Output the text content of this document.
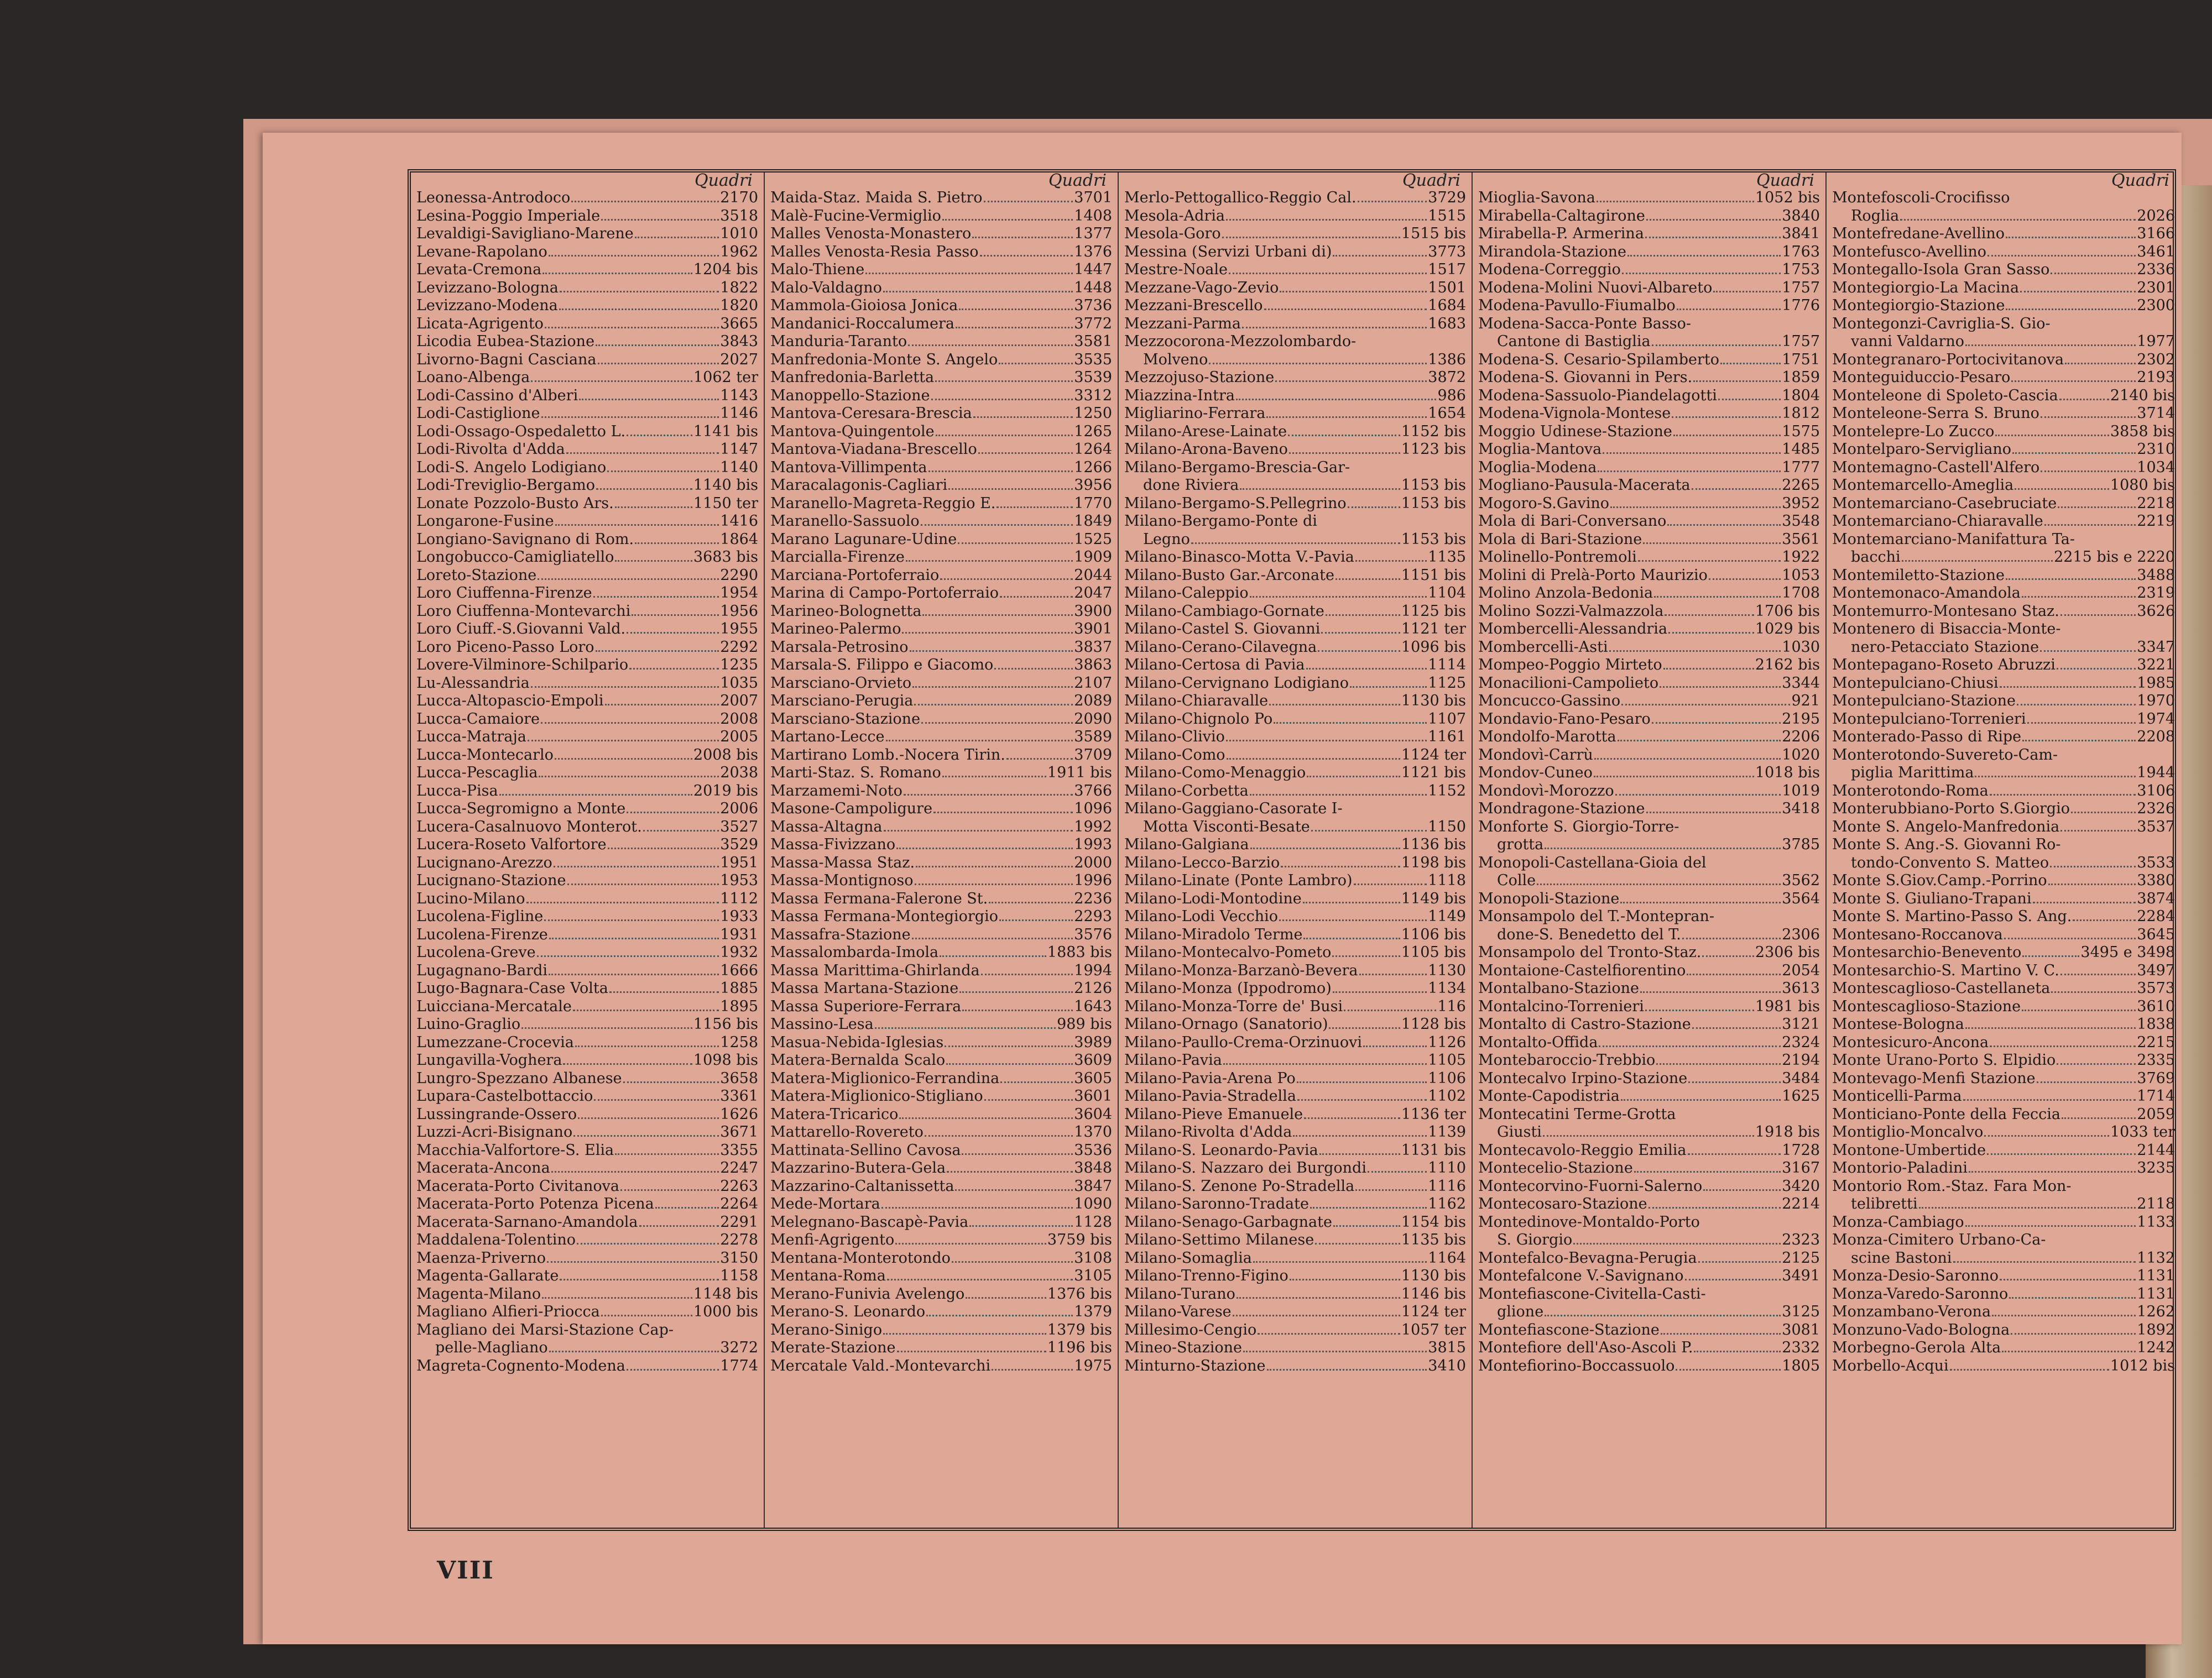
Quadri
Leonessa-Antrodoco	2170
Lesina-Poggio Imperiale	3518
Levaldigi-Savigliano-Marene	1010
Levane-Rapolano	1962
Levata-Cremona	1204 bis
Levizzano-Bologna	1822
Levizzano-Modena	1820
Licata-Agrigento	3665
Licodia Eubea-Stazione	3843
Livorno-Bagni Casciana	2027
Loano-Albenga	1062 ter
Lodi-Cassino d'Alberi	1143
Lodi-Castiglione	1146
Lodi-Ossago-Ospedaletto L.	1141 bis
Lodi-Rivolta d'Adda	1147
Lodi-S. Angelo Lodigiano	1140
Lodi-Treviglio-Bergamo	1140 bis
Lonate Pozzolo-Busto Ars.	1150 ter
Longarone-Fusine	1416
Longiano-Savignano di Rom.	1864
Longobucco-Camigliatello	3683 bis
Loreto-Stazione	2290
Loro Ciuffenna-Firenze	1954
Loro Ciuffenna-Montevarchi	1956
Loro Ciuff.-S.Giovanni Vald.	1955
Loro Piceno-Passo Loro	2292
Lovere-Vilminore-Schilpario	1235
Lu-Alessandria	1035
Lucca-Altopascio-Empoli	2007
Lucca-Camaiore	2008
Lucca-Matraja	2005
Lucca-Montecarlo	2008 bis
Lucca-Pescaglia	2038
Lucca-Pisa	2019 bis
Lucca-Segromigno a Monte	2006
Lucera-Casalnuovo Monterot.	3527
Lucera-Roseto Valfortore	3529
Lucignano-Arezzo	1951
Lucignano-Stazione	1953
Lucino-Milano	1112
Lucolena-Figline	1933
Lucolena-Firenze	1931
Lucolena-Greve	1932
Lugagnano-Bardi	1666
Lugo-Bagnara-Case Volta	1885
Luicciana-Mercatale	1895
Luino-Graglio	1156 bis
Lumezzane-Crocevia	1258
Lungavilla-Voghera	1098 bis
Lungro-Spezzano Albanese	3658
Lupara-Castelbottaccio	3361
Lussingrande-Ossero	1626
Luzzi-Acri-Bisignano	3671
Macchia-Valfortore-S. Elia	3355
Macerata-Ancona	2247
Macerata-Porto Civitanova	2263
Macerata-Porto Potenza Picena	2264
Macerata-Sarnano-Amandola	2291
Maddalena-Tolentino	2278
Maenza-Priverno	3150
Magenta-Gallarate	1158
Magenta-Milano	1148 bis
Magliano Alfieri-Priocca	1000 bis
Magliano dei Marsi-Stazione Cap-
pelle-Magliano	3272
Magreta-Cognento-Modena	1774
Quadri
Maida-Staz. Maida S. Pietro	3701
Malè-Fucine-Vermiglio	1408
Malles Venosta-Monastero	1377
Malles Venosta-Resia Passo	1376
Malo-Thiene	1447
Malo-Valdagno	1448
Mammola-Gioiosa Jonica	3736
Mandanici-Roccalumera	3772
Manduria-Taranto	3581
Manfredonia-Monte S. Angelo	3535
Manfredonia-Barletta	3539
Manoppello-Stazione	3312
Mantova-Ceresara-Brescia	1250
Mantova-Quingentole	1265
Mantova-Viadana-Brescello	1264
Mantova-Villimpenta	1266
Maracalagonis-Cagliari	3956
Maranello-Magreta-Reggio E.	1770
Maranello-Sassuolo	1849
Marano Lagunare-Udine	1525
Marcialla-Firenze	1909
Marciana-Portoferraio	2044
Marina di Campo-Portoferraio	2047
Marineo-Bolognetta	3900
Marineo-Palermo	3901
Marsala-Petrosino	3837
Marsala-S. Filippo e Giacomo	3863
Marsciano-Orvieto	2107
Marsciano-Perugia	2089
Marsciano-Stazione	2090
Martano-Lecce	3589
Martirano Lomb.-Nocera Tirin.	3709
Marti-Staz. S. Romano	1911 bis
Marzamemi-Noto	3766
Masone-Campoligure	1096
Massa-Altagna	1992
Massa-Fivizzano	1993
Massa-Massa Staz.	2000
Massa-Montignoso	1996
Massa Fermana-Falerone St.	2236
Massa Fermana-Montegiorgio	2293
Massafra-Stazione	3576
Massalombarda-Imola	1883 bis
Massa Marittima-Ghirlanda	1994
Massa Martana-Stazione	2126
Massa Superiore-Ferrara	1643
Massino-Lesa	989 bis
Masua-Nebida-Iglesias	3989
Matera-Bernalda Scalo	3609
Matera-Miglionico-Ferrandina	3605
Matera-Miglionico-Stigliano	3601
Matera-Tricarico	3604
Mattarello-Rovereto	1370
Mattinata-Sellino Cavosa	3536
Mazzarino-Butera-Gela	3848
Mazzarino-Caltanissetta	3847
Mede-Mortara	1090
Melegnano-Bascapè-Pavia	1128
Menfi-Agrigento	3759 bis
Mentana-Monterotondo	3108
Mentana-Roma	3105
Merano-Funivia Avelengo	1376 bis
Merano-S. Leonardo	1379
Merano-Sinigo	1379 bis
Merate-Stazione	1196 bis
Mercatale Vald.-Montevarchi	1975
Quadri
Merlo-Pettogallico-Reggio Cal.	3729
Mesola-Adria	1515
Mesola-Goro	1515 bis
Messina (Servizi Urbani di)	3773
Mestre-Noale	1517
Mezzane-Vago-Zevio	1501
Mezzani-Brescello	1684
Mezzani-Parma	1683
Mezzocorona-Mezzolombardo-
Molveno	1386
Mezzojuso-Stazione	3872
Miazzina-Intra	986
Migliarino-Ferrara	1654
Milano-Arese-Lainate	1152 bis
Milano-Arona-Baveno	1123 bis
Milano-Bergamo-Brescia-Gar-
done Riviera	1153 bis
Milano-Bergamo-S.Pellegrino	1153 bis
Milano-Bergamo-Ponte di
Legno	1153 bis
Milano-Binasco-Motta V.-Pavia	1135
Milano-Busto Gar.-Arconate	1151 bis
Milano-Caleppio	1104
Milano-Cambiago-Gornate	1125 bis
Milano-Castel S. Giovanni	1121 ter
Milano-Cerano-Cilavegna	1096 bis
Milano-Certosa di Pavia	1114
Milano-Cervignano Lodigiano	1125
Milano-Chiaravalle	1130 bis
Milano-Chignolo Po	1107
Milano-Clivio	1161
Milano-Como	1124 ter
Milano-Como-Menaggio	1121 bis
Milano-Corbetta	1152
Milano-Gaggiano-Casorate I-
Motta Visconti-Besate	1150
Milano-Galgiana	1136 bis
Milano-Lecco-Barzio	1198 bis
Milano-Linate (Ponte Lambro)	1118
Milano-Lodi-Montodine	1149 bis
Milano-Lodi Vecchio	1149
Milano-Miradolo Terme	1106 bis
Milano-Montecalvo-Pometo	1105 bis
Milano-Monza-Barzanò-Bevera	1130
Milano-Monza (Ippodromo)	1134
Milano-Monza-Torre de' Busi	116
Milano-Ornago (Sanatorio)	1128 bis
Milano-Paullo-Crema-Orzinuovi	1126
Milano-Pavia	1105
Milano-Pavia-Arena Po	1106
Milano-Pavia-Stradella	1102
Milano-Pieve Emanuele	1136 ter
Milano-Rivolta d'Adda	1139
Milano-S. Leonardo-Pavia	1131 bis
Milano-S. Nazzaro dei Burgondi	1110
Milano-S. Zenone Po-Stradella	1116
Milano-Saronno-Tradate	1162
Milano-Senago-Garbagnate	1154 bis
Milano-Settimo Milanese	1135 bis
Milano-Somaglia	1164
Milano-Trenno-Figino	1130 bis
Milano-Turano	1146 bis
Milano-Varese	1124 ter
Millesimo-Cengio	1057 ter
Mineo-Stazione	3815
Minturno-Stazione	3410
Quadri
Mioglia-Savona	1052 bis
Mirabella-Caltagirone	3840
Mirabella-P. Armerina	3841
Mirandola-Stazione	1763
Modena-Correggio	1753
Modena-Molini Nuovi-Albareto	1757
Modena-Pavullo-Fiumalbo	1776
Modena-Sacca-Ponte Basso-
Cantone di Bastiglia	1757
Modena-S. Cesario-Spilamberto	1751
Modena-S. Giovanni in Pers.	1859
Modena-Sassuolo-Piandelagotti	1804
Modena-Vignola-Montese	1812
Moggio Udinese-Stazione	1575
Moglia-Mantova	1485
Moglia-Modena	1777
Mogliano-Pausula-Macerata	2265
Mogoro-S.Gavino	3952
Mola di Bari-Conversano	3548
Mola di Bari-Stazione	3561
Molinello-Pontremoli	1922
Molini di Prelà-Porto Maurizio	1053
Molino Anzola-Bedonia	1708
Molino Sozzi-Valmazzola	1706 bis
Mombercelli-Alessandria	1029 bis
Mombercelli-Asti	1030
Mompeo-Poggio Mirteto	2162 bis
Monacilioni-Campolieto	3344
Moncucco-Gassino	921
Mondavio-Fano-Pesaro	2195
Mondolfo-Marotta	2206
Mondovì-Carrù	1020
Mondov-Cuneo	1018 bis
Mondovì-Morozzo	1019
Mondragone-Stazione	3418
Monforte S. Giorgio-Torre-
grotta	3785
Monopoli-Castellana-Gioia del
Colle	3562
Monopoli-Stazione	3564
Monsampolo del T.-Montepran-
done-S. Benedetto del T.	2306
Monsampolo del Tronto-Staz.	2306 bis
Montaione-Castelfiorentino	2054
Montalbano-Stazione	3613
Montalcino-Torrenieri	1981 bis
Montalto di Castro-Stazione	3121
Montalto-Offida	2324
Montebaroccio-Trebbio	2194
Montecalvo Irpino-Stazione	3484
Monte-Capodistria	1625
Montecatini Terme-Grotta
Giusti	1918 bis
Montecavolo-Reggio Emilia	1728
Montecelio-Stazione	3167
Montecorvino-Fuorni-Salerno	3420
Montecosaro-Stazione	2214
Montedinove-Montaldo-Porto
S. Giorgio	2323
Montefalco-Bevagna-Perugia	2125
Montefalcone V.-Savignano	3491
Montefiascone-Civitella-Casti-
glione	3125
Montefiascone-Stazione	3081
Montefiore dell'Aso-Ascoli P.	2332
Montefiorino-Boccassuolo	1805
Quadri
Montefoscoli-Crocifisso
Roglia	2026
Montefredane-Avellino	3166
Montefusco-Avellino	3461
Montegallo-Isola Gran Sasso	2336
Montegiorgio-La Macina	2301
Montegiorgio-Stazione	2300
Montegonzi-Cavriglia-S. Gio-
vanni Valdarno	1977
Montegranaro-Portocivitanova	2302
Monteguiduccio-Pesaro	2193
Monteleone di Spoleto-Cascia	2140 bis
Monteleone-Serra S. Bruno	3714
Montelepre-Lo Zucco	3858 bis
Montelparo-Servigliano	2310
Montemagno-Castell'Alfero	1034
Montemarcello-Ameglia	1080 bis
Montemarciano-Casebruciate	2218
Montemarciano-Chiaravalle	2219
Montemarciano-Manifattura Ta-
bacchi	2215 bis e 2220
Montemiletto-Stazione	3488
Montemonaco-Amandola	2319
Montemurro-Montesano Staz.	3626
Montenero di Bisaccia-Monte-
nero-Petacciato Stazione	3347
Montepagano-Roseto Abruzzi	3221
Montepulciano-Chiusi	1985
Montepulciano-Stazione	1970
Montepulciano-Torrenieri	1974
Monterado-Passo di Ripe	2208
Monterotondo-Suvereto-Cam-
piglia Marittima	1944
Monterotondo-Roma	3106
Monterubbiano-Porto S.Giorgio	2326
Monte S. Angelo-Manfredonia	3537
Monte S. Ang.-S. Giovanni Ro-
tondo-Convento S. Matteo	3533
Monte S.Giov.Camp.-Porrino	3380
Monte S. Giuliano-Trapani	3874
Monte S. Martino-Passo S. Ang.	2284
Montesano-Roccanova	3645
Montesarchio-Benevento	3495 e 3498
Montesarchio-S. Martino V. C.	3497
Montescaglioso-Castellaneta	3573
Montescaglioso-Stazione	3610
Montese-Bologna	1838
Montesicuro-Ancona	2215
Monte Urano-Porto S. Elpidio	2335
Montevago-Menfi Stazione	3769
Monticelli-Parma	1714
Monticiano-Ponte della Feccia	2059
Montiglio-Moncalvo	1033 ter
Montone-Umbertide	2144
Montorio-Paladini	3235
Montorio Rom.-Staz. Fara Mon-
telibretti	2118
Monza-Cambiago	1133
Monza-Cimitero Urbano-Ca-
scine Bastoni	1132
Monza-Desio-Saronno	1131
Monza-Varedo-Saronno	1131
Monzambano-Verona	1262
Monzuno-Vado-Bologna	1892
Morbegno-Gerola Alta	1242
Morbello-Acqui	1012 bis
VIII
